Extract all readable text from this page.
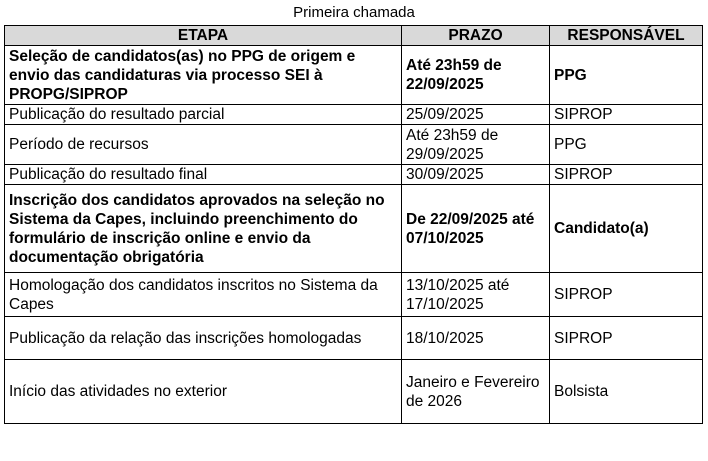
Primeira chamada
ETAPA	PRAZO	RESPONSÁVEL
Seleção de candidatos(as) no PPG de origem e envio das candidaturas via processo SEI à PROPG/SIPROP	Até 23h59 de 22/09/2025	PPG
Publicação do resultado parcial	25/09/2025	SIPROP
Período de recursos	Até 23h59 de 29/09/2025	PPG
Publicação do resultado final	30/09/2025	SIPROP
Inscrição dos candidatos aprovados na seleção no Sistema da Capes, incluindo preenchimento do formulário de inscrição online e envio da documentação obrigatória	De 22/09/2025 até 07/10/2025	Candidato(a)
Homologação dos candidatos inscritos no Sistema da Capes	13/10/2025 até 17/10/2025	SIPROP
Publicação da relação das inscrições homologadas	18/10/2025	SIPROP
Início das atividades no exterior	Janeiro e Fevereiro de 2026	Bolsista
